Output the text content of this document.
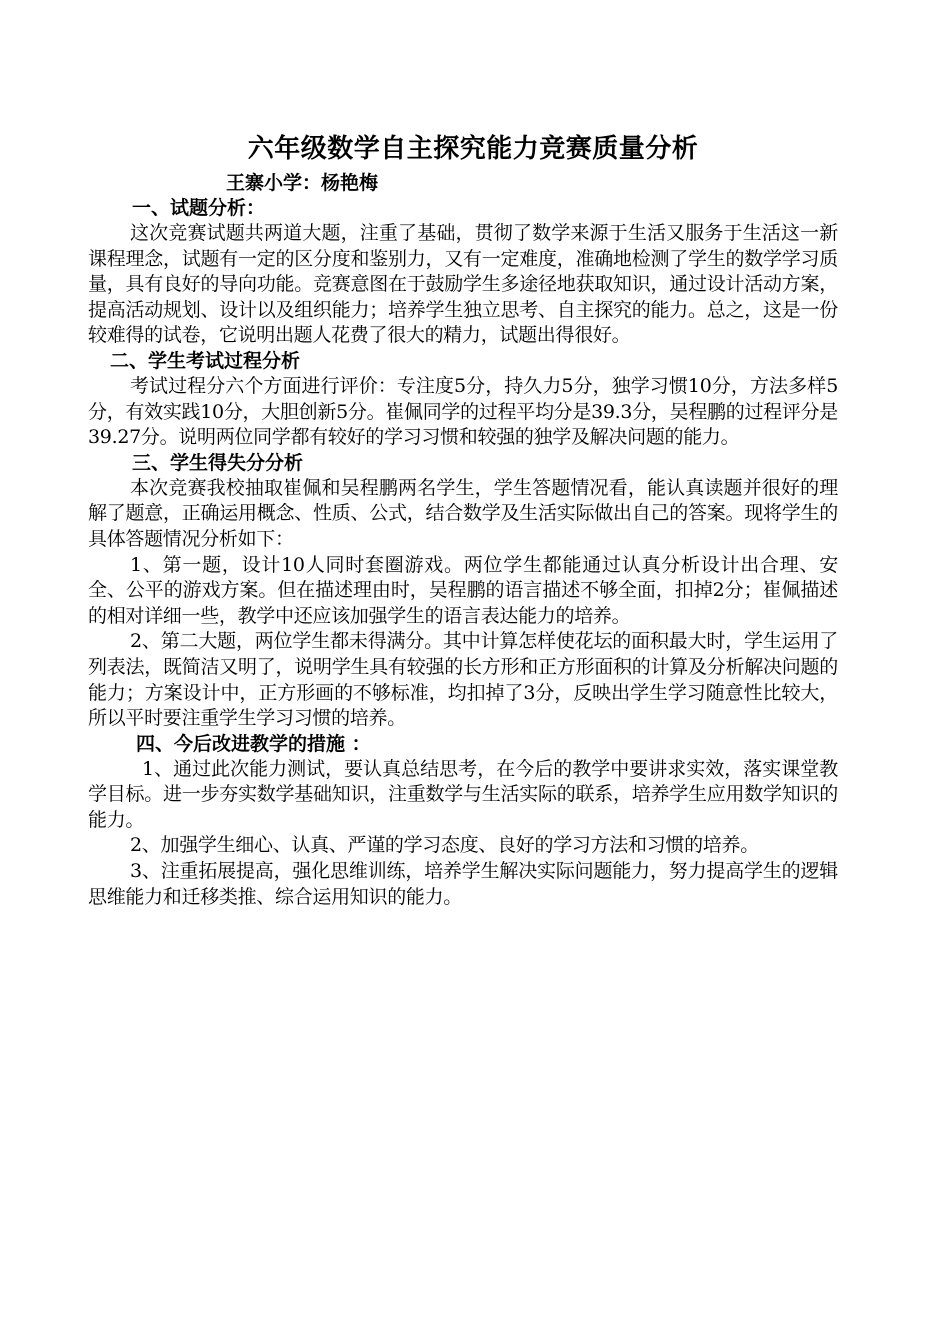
六年级数学自主探究能力竞赛质量分析

王寨小学：杨艳梅

一、试题分析：

这次竞赛试题共两道大题，注重了基础，贯彻了数学来源于生活又服务于生活这一新课程理念，试题有一定的区分度和鉴别力，又有一定难度，准确地检测了学生的数学学习质量，具有良好的导向功能。竞赛意图在于鼓励学生多途径地获取知识，通过设计活动方案，提高活动规划、设计以及组织能力；培养学生独立思考、自主探究的能力。总之，这是一份较难得的试卷，它说明出题人花费了很大的精力，试题出得很好。

二、学生考试过程分析

考试过程分六个方面进行评价：专注度5分，持久力5分，独学习惯10分，方法多样5分，有效实践10分，大胆创新5分。崔佩同学的过程平均分是39.3分，吴程鹏的过程评分是39.27分。说明两位同学都有较好的学习习惯和较强的独学及解决问题的能力。

三、学生得失分分析

本次竞赛我校抽取崔佩和吴程鹏两名学生，学生答题情况看，能认真读题并很好的理解了题意，正确运用概念、性质、公式，结合数学及生活实际做出自己的答案。现将学生的具体答题情况分析如下：

1、第一题，设计10人同时套圈游戏。两位学生都能通过认真分析设计出合理、安全、公平的游戏方案。但在描述理由时，吴程鹏的语言描述不够全面，扣掉2分；崔佩描述的相对详细一些，教学中还应该加强学生的语言表达能力的培养。

2、第二大题，两位学生都未得满分。其中计算怎样使花坛的面积最大时，学生运用了列表法，既简洁又明了，说明学生具有较强的长方形和正方形面积的计算及分析解决问题的能力；方案设计中，正方形画的不够标准，均扣掉了3分，反映出学生学习随意性比较大，所以平时要注重学生学习习惯的培养。

四、今后改进教学的措施 ：

1、通过此次能力测试，要认真总结思考，在今后的教学中要讲求实效，落实课堂教学目标。进一步夯实数学基础知识，注重数学与生活实际的联系，培养学生应用数学知识的能力。

2、加强学生细心、认真、严谨的学习态度、良好的学习方法和习惯的培养。

3、注重拓展提高，强化思维训练，培养学生解决实际问题能力，努力提高学生的逻辑思维能力和迁移类推、综合运用知识的能力。
